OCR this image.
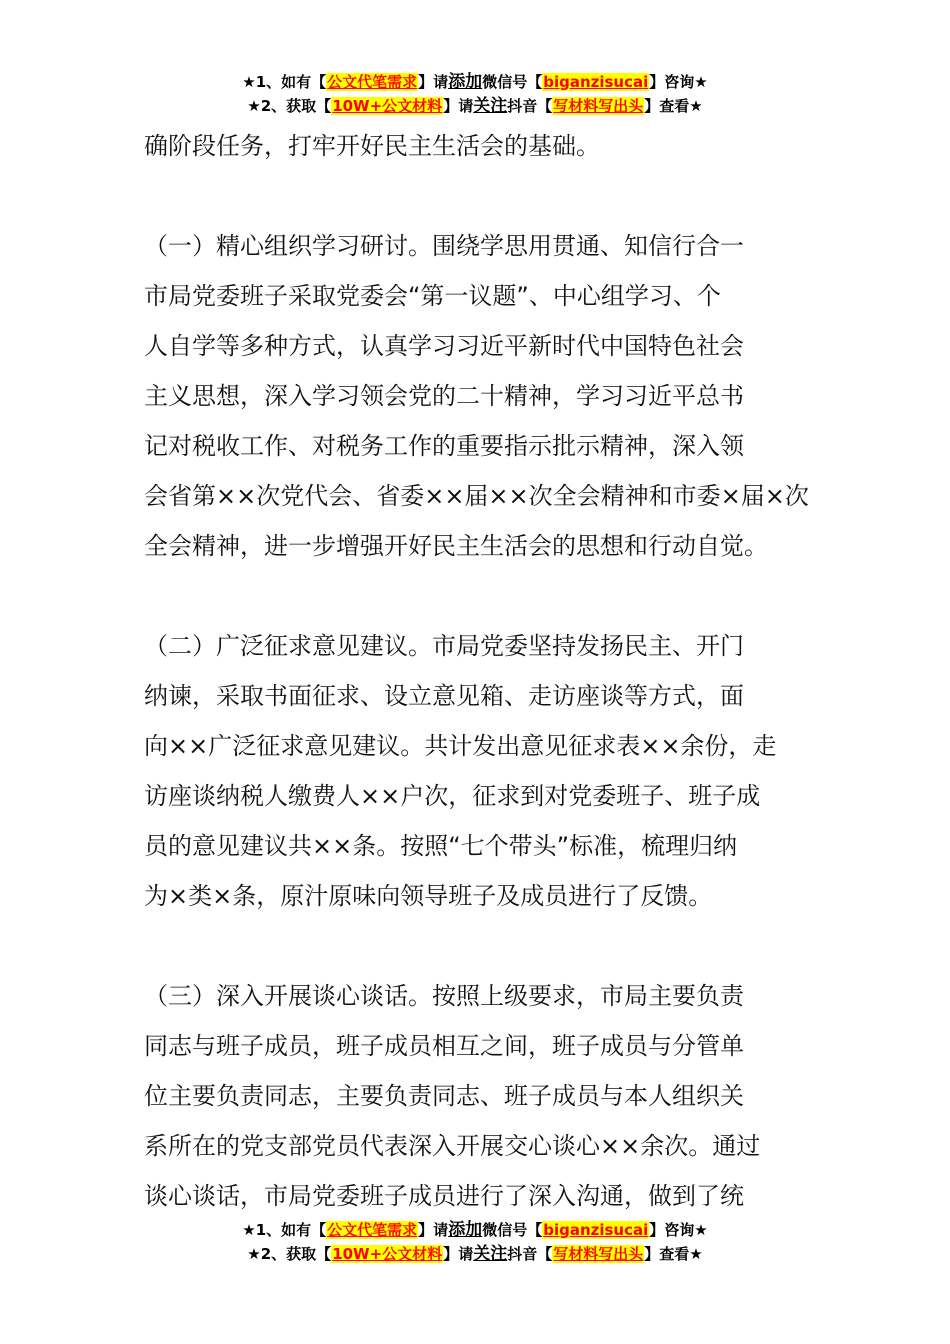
★1、如有【公文代笔需求】请添加微信号【biganzisucai】咨询★
★2、获取【10W+公文材料】请关注抖音【写材料写出头】查看★
确阶段任务，打牢开好民主生活会的基础。
（一）精心组织学习研讨。围绕学思用贯通、知信行合一
市局党委班子采取党委会“第一议题”、中心组学习、个
人自学等多种方式，认真学习习近平新时代中国特色社会
主义思想，深入学习领会党的二十精神，学习习近平总书
记对税收工作、对税务工作的重要指示批示精神，深入领
会省第××次党代会、省委××届××次全会精神和市委×届×次
全会精神，进一步增强开好民主生活会的思想和行动自觉。
（二）广泛征求意见建议。市局党委坚持发扬民主、开门
纳谏，采取书面征求、设立意见箱、走访座谈等方式，面
向××广泛征求意见建议。共计发出意见征求表××余份，走
访座谈纳税人缴费人××户次，征求到对党委班子、班子成
员的意见建议共××条。按照“七个带头”标准，梳理归纳
为×类×条，原汁原味向领导班子及成员进行了反馈。
（三）深入开展谈心谈话。按照上级要求，市局主要负责
同志与班子成员，班子成员相互之间，班子成员与分管单
位主要负责同志，主要负责同志、班子成员与本人组织关
系所在的党支部党员代表深入开展交心谈心××余次。通过
谈心谈话，市局党委班子成员进行了深入沟通，做到了统
★1、如有【公文代笔需求】请添加微信号【biganzisucai】咨询★
★2、获取【10W+公文材料】请关注抖音【写材料写出头】查看★
